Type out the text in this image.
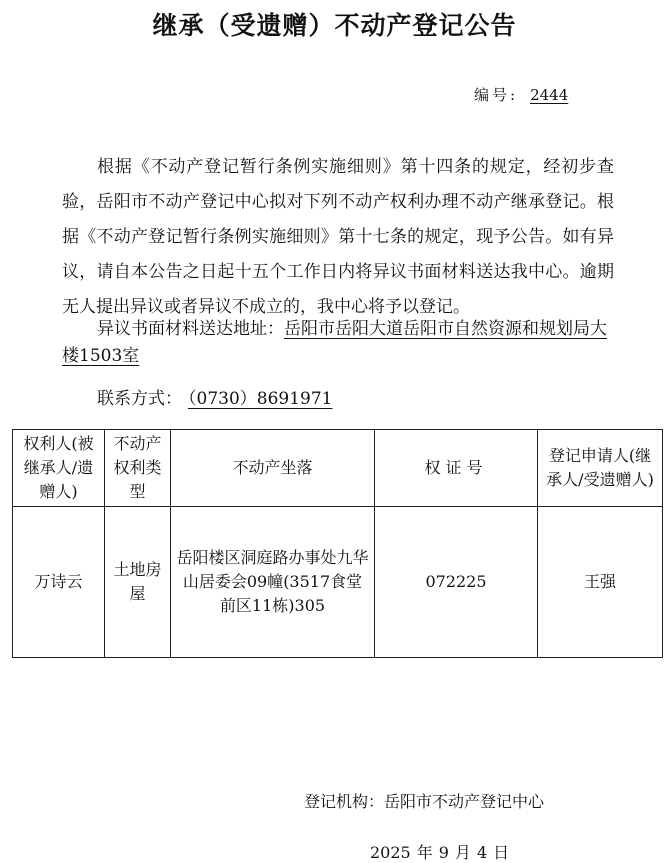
继承（受遗赠）不动产登记公告
编号: 2444

根据《不动产登记暂行条例实施细则》第十四条的规定，经初步查验，岳阳市不动产登记中心拟对下列不动产权利办理不动产继承登记。根据《不动产登记暂行条例实施细则》第十七条的规定，现予公告。如有异议，请自本公告之日起十五个工作日内将异议书面材料送达我中心。逾期无人提出异议或者异议不成立的，我中心将予以登记。

异议书面材料送达地址：岳阳市岳阳大道岳阳市自然资源和规划局大楼1503室

联系方式： （0730）8691971
权利人(被继承人/遗赠人)	不动产权利类型	不动产坐落	权证号	登记申请人(继承人/受遗赠人)
万诗云	土地房屋	岳阳楼区洞庭路办事处九华山居委会09幢(3517食堂前区11栋)305	072225	王强
登记机构：岳阳市不动产登记中心
2025 年 9 月 4 日
